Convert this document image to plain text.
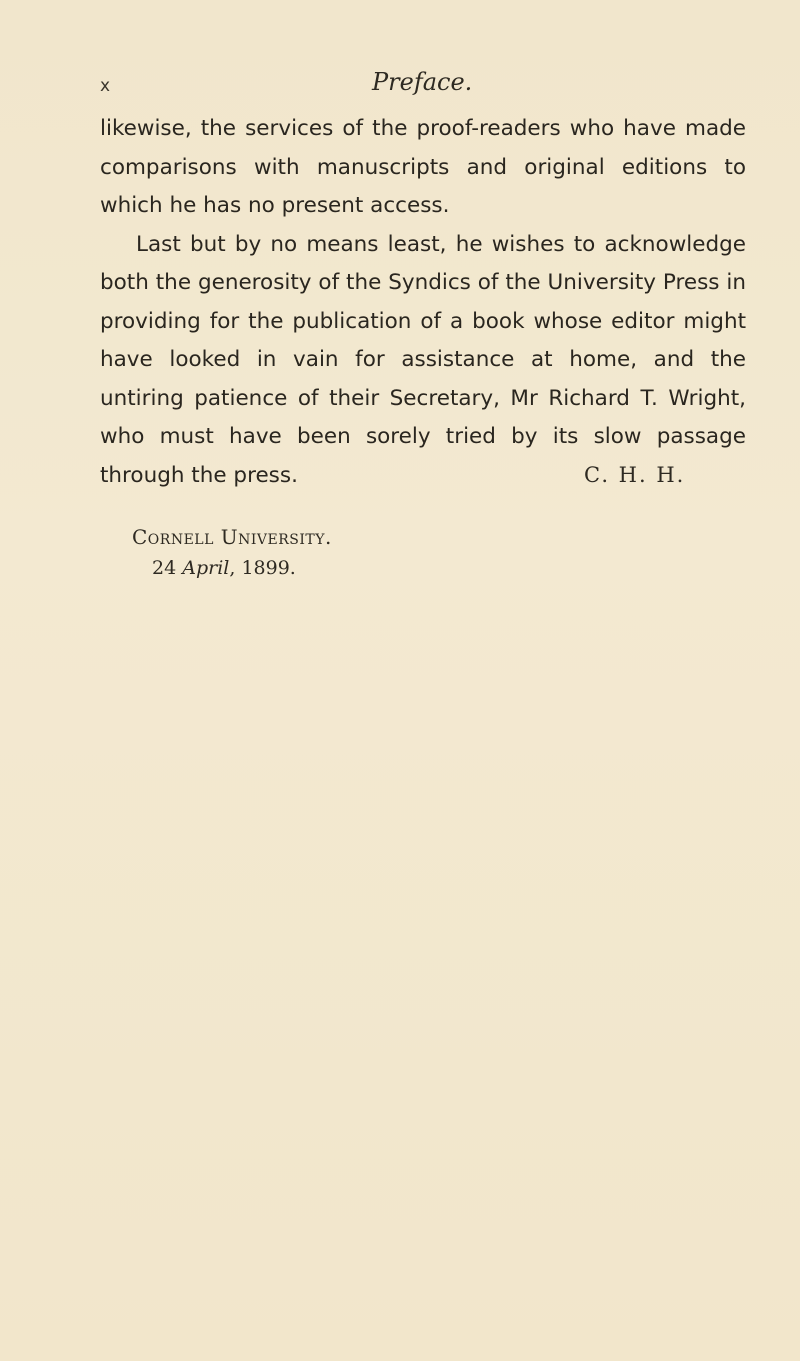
x	Preface.

likewise, the services of the proof-readers who have made comparisons with manuscripts and original editions to which he has no present access.

Last but by no means least, he wishes to acknowledge both the generosity of the Syndics of the University Press in providing for the publication of a book whose editor might have looked in vain for assistance at home, and the untiring patience of their Secretary, Mr Richard T. Wright, who must have been sorely tried by its slow passage through the press.	C. H. H.
Cornell University.
24 April, 1899.
